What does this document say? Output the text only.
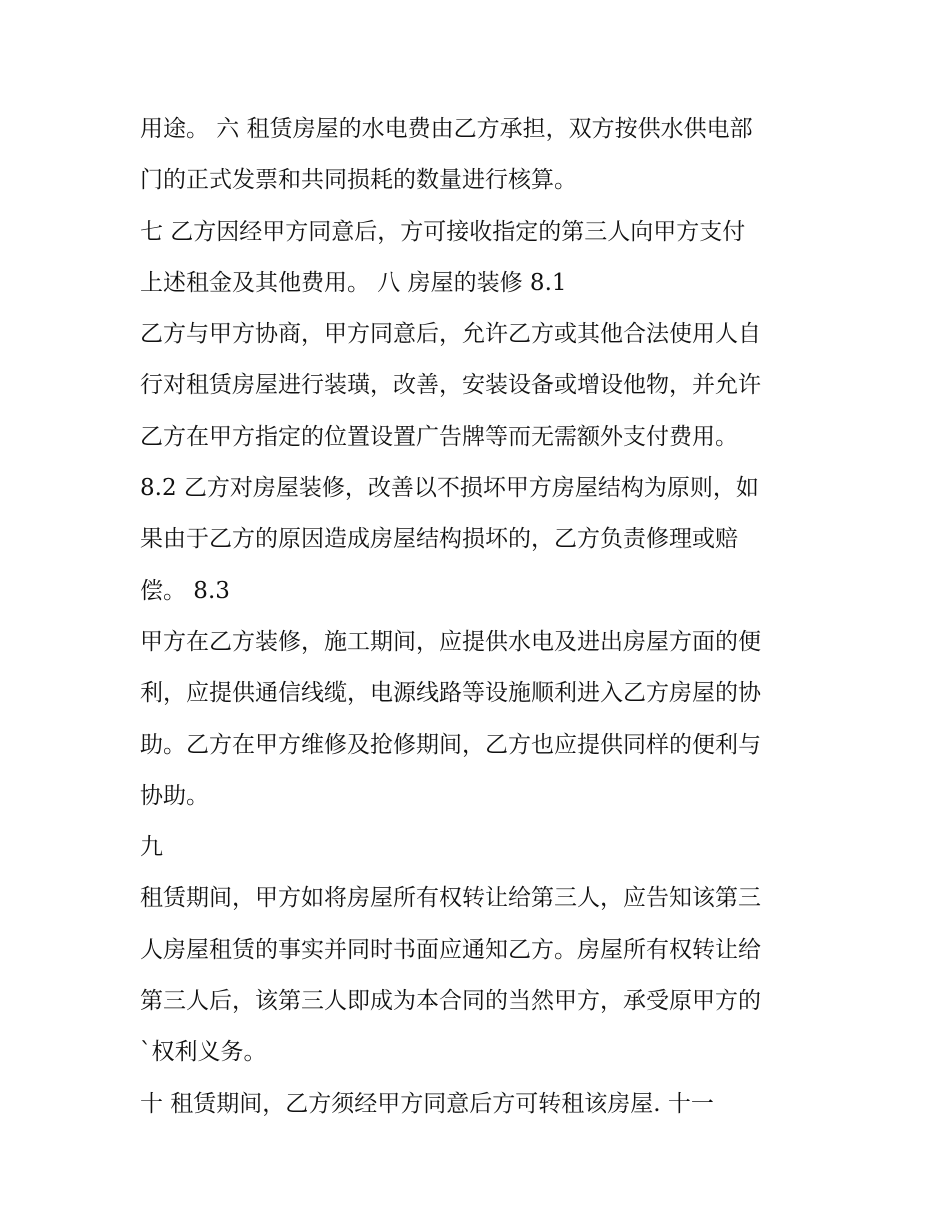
用途。 六 租赁房屋的水电费由乙方承担，双方按供水供电部
门的正式发票和共同损耗的数量进行核算。
七 乙方因经甲方同意后，方可接收指定的第三人向甲方支付
上述租金及其他费用。 八 房屋的装修 8.1
乙方与甲方协商，甲方同意后，允许乙方或其他合法使用人自
行对租赁房屋进行装璜，改善，安装设备或增设他物，并允许
乙方在甲方指定的位置设置广告牌等而无需额外支付费用。
8.2 乙方对房屋装修，改善以不损坏甲方房屋结构为原则，如
果由于乙方的原因造成房屋结构损坏的，乙方负责修理或赔
偿。 8.3
甲方在乙方装修，施工期间，应提供水电及进出房屋方面的便
利，应提供通信线缆，电源线路等设施顺利进入乙方房屋的协
助。乙方在甲方维修及抢修期间，乙方也应提供同样的便利与
协助。
九
租赁期间，甲方如将房屋所有权转让给第三人，应告知该第三
人房屋租赁的事实并同时书面应通知乙方。房屋所有权转让给
第三人后，该第三人即成为本合同的当然甲方，承受原甲方的
`权利义务。
十 租赁期间，乙方须经甲方同意后方可转租该房屋. 十一
